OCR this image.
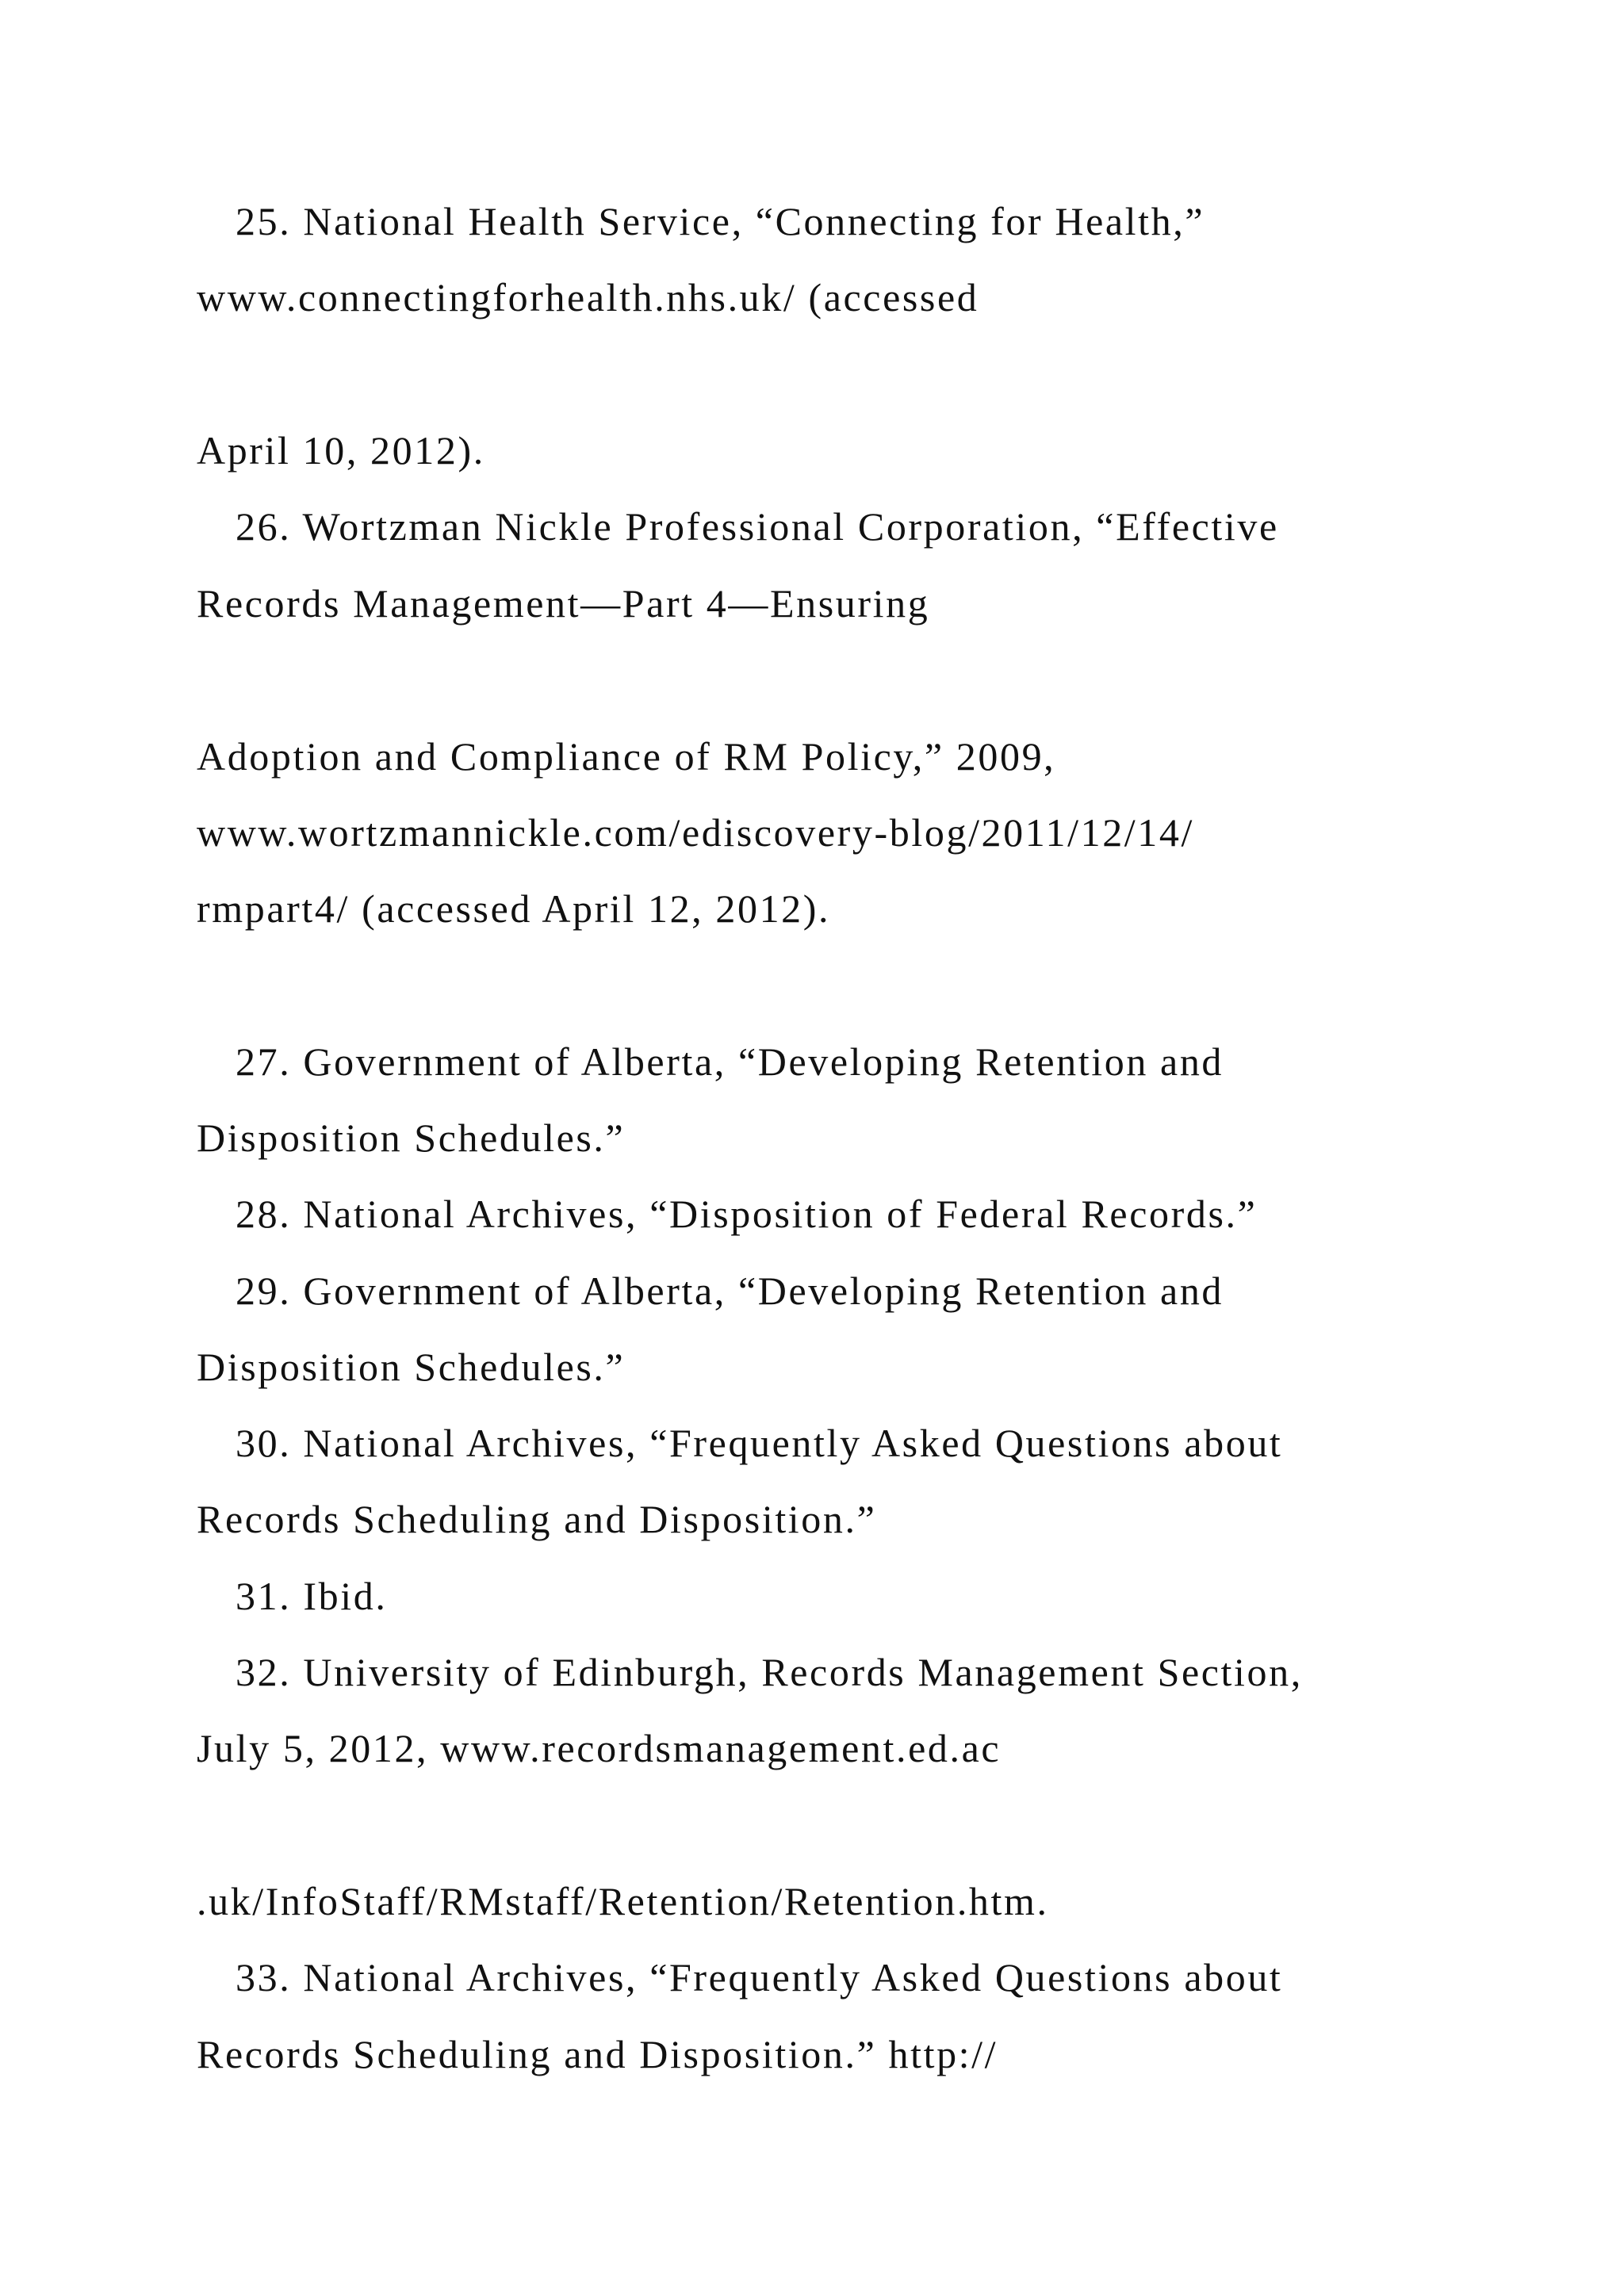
25. National Health Service, “Connecting for Health,”

www.connectingforhealth.nhs.uk/ (accessed

April 10, 2012).

26. Wortzman Nickle Professional Corporation, “Effective

Records Management—Part 4—Ensuring

Adoption and Compliance of RM Policy,” 2009,

www.wortzmannickle.com/ediscovery-blog/2011/12/14/

rmpart4/ (accessed April 12, 2012).

27. Government of Alberta, “Developing Retention and

Disposition Schedules.”

28. National Archives, “Disposition of Federal Records.”

29. Government of Alberta, “Developing Retention and

Disposition Schedules.”

30. National Archives, “Frequently Asked Questions about

Records Scheduling and Disposition.”

31. Ibid.

32. University of Edinburgh, Records Management Section,

July 5, 2012, www.recordsmanagement.ed.ac

.uk/InfoStaff/RMstaff/Retention/Retention.htm.

33. National Archives, “Frequently Asked Questions about

Records Scheduling and Disposition.” http://
